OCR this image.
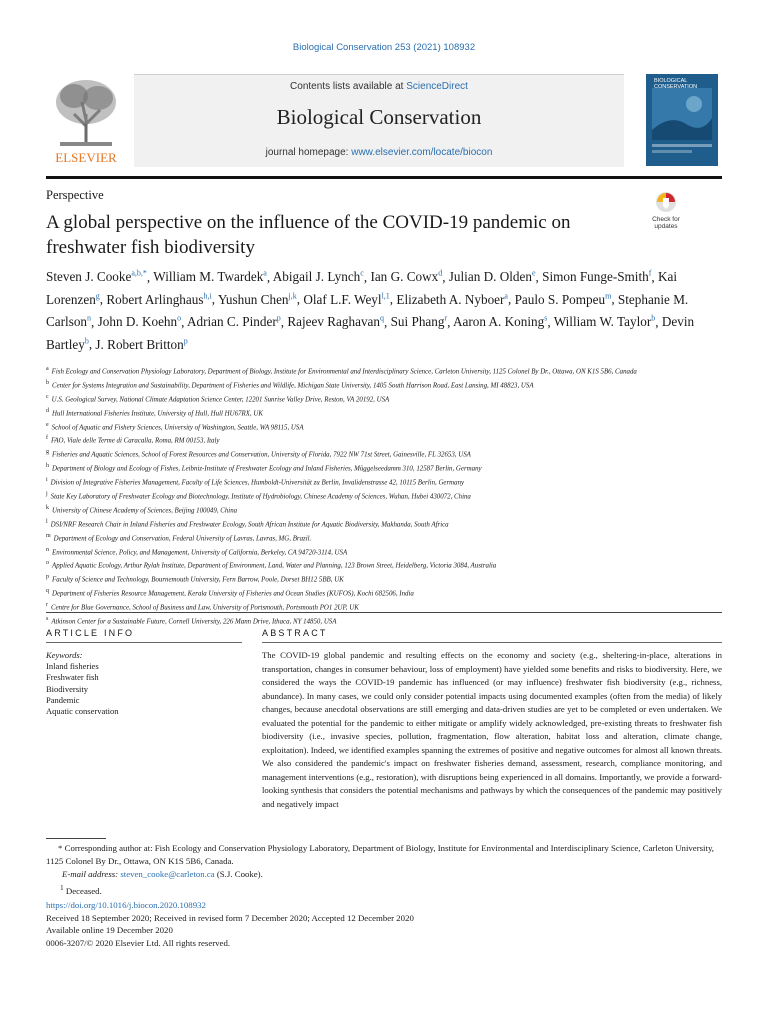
Biological Conservation 253 (2021) 108932
ELSEVIER
Contents lists available at ScienceDirect
Biological Conservation
journal homepage: www.elsevier.com/locate/biocon
BIOLOGICAL
CONSERVATION
Perspective
A global perspective on the influence of the COVID-19 pandemic on freshwater fish biodiversity
Check for
updates
Steven J. Cooke$^{a,b,*}$, William M. Twardek$^a$, Abigail J. Lynch$^c$, Ian G. Cowx$^d$, Julian D. Olden$^e$, Simon Funge-Smith$^f$, Kai Lorenzen$^g$, Robert Arlinghaus$^{h,i}$, Yushun Chen$^{j,k}$, Olaf L.F. Weyl$^{l,1}$, Elizabeth A. Nyboer$^a$, Paulo S. Pompeu$^m$, Stephanie M. Carlson$^n$, John D. Koehn$^o$, Adrian C. Pinder$^p$, Rajeev Raghavan$^q$, Sui Phang$^r$, Aaron A. Koning$^s$, William W. Taylor$^b$, Devin Bartley$^b$, J. Robert Britton$^p$
$^a$ Fish Ecology and Conservation Physiology Laboratory, Department of Biology, Institute for Environmental and Interdisciplinary Science, Carleton University, 1125 Colonel By Dr., Ottawa, ON K1S 5B6, Canada
$^b$ Center for Systems Integration and Sustainability, Department of Fisheries and Wildlife, Michigan State University, 1405 South Harrison Road, East Lansing, MI 48823, USA
$^c$ U.S. Geological Survey, National Climate Adaptation Science Center, 12201 Sunrise Valley Drive, Reston, VA 20192, USA
$^d$ Hull International Fisheries Institute, University of Hull, Hull HU67RX, UK
$^e$ School of Aquatic and Fishery Sciences, University of Washington, Seattle, WA 98115, USA
$^f$ FAO, Viale delle Terme di Caracalla, Roma, RM 00153, Italy
$^g$ Fisheries and Aquatic Sciences, School of Forest Resources and Conservation, University of Florida, 7922 NW 71st Street, Gainesville, FL 32653, USA
$^h$ Department of Biology and Ecology of Fishes, Leibniz-Institute of Freshwater Ecology and Inland Fisheries, Müggelseedamm 310, 12587 Berlin, Germany
$^i$ Division of Integrative Fisheries Management, Faculty of Life Sciences, Humboldt-Universität zu Berlin, Invalidenstrasse 42, 10115 Berlin, Germany
$^j$ State Key Laboratory of Freshwater Ecology and Biotechnology, Institute of Hydrobiology, Chinese Academy of Sciences, Wuhan, Hubei 430072, China
$^k$ University of Chinese Academy of Sciences, Beijing 100049, China
$^l$ DSI/NRF Research Chair in Inland Fisheries and Freshwater Ecology, South African Institute for Aquatic Biodiversity, Makhanda, South Africa
$^m$ Department of Ecology and Conservation, Federal University of Lavras, Lavras, MG, Brazil.
$^n$ Environmental Science, Policy, and Management, University of California, Berkeley, CA 94720-3114, USA
$^o$ Applied Aquatic Ecology, Arthur Rylah Institute, Department of Environment, Land, Water and Planning, 123 Brown Street, Heidelberg, Victoria 3084, Australia
$^p$ Faculty of Science and Technology, Bournemouth University, Fern Barrow, Poole, Dorset BH12 5BB, UK
$^q$ Department of Fisheries Resource Management, Kerala University of Fisheries and Ocean Studies (KUFOS), Kochi 682506, India
$^r$ Centre for Blue Governance, School of Business and Law, University of Portsmouth, Portsmouth PO1 2UP, UK
$^s$ Atkinson Center for a Sustainable Future, Cornell University, 226 Mann Drive, Ithaca, NY 14850, USA
ARTICLE INFO	ABSTRACT
Keywords:
Inland fisheries
Freshwater fish
Biodiversity
Pandemic
Aquatic conservation
The COVID-19 global pandemic and resulting effects on the economy and society (e.g., sheltering-in-place, alterations in transportation, changes in consumer behaviour, loss of employment) have yielded some benefits and risks to biodiversity. Here, we considered the ways the COVID-19 pandemic has influenced (or may influence) freshwater fish biodiversity (e.g., richness, abundance). In many cases, we could only consider potential impacts using documented examples (often from the media) of likely changes, because anecdotal observations are still emerging and data-driven studies are yet to be completed or even undertaken. We evaluated the potential for the pandemic to either mitigate or amplify widely acknowledged, pre-existing threats to freshwater fish biodiversity (i.e., invasive species, pollution, fragmentation, flow alteration, habitat loss and alteration, climate change, exploitation). Indeed, we identified examples spanning the extremes of positive and negative outcomes for almost all known threats. We also considered the pandemic's impact on freshwater fisheries demand, assessment, research, compliance monitoring, and management interventions (e.g., restoration), with disruptions being experienced in all domains. Importantly, we provide a forward-looking synthesis that considers the potential mechanisms and pathways by which the consequences of the pandemic may positively and negatively impact
* Corresponding author at: Fish Ecology and Conservation Physiology Laboratory, Department of Biology, Institute for Environmental and Interdisciplinary Science, Carleton University, 1125 Colonel By Dr., Ottawa, ON K1S 5B6, Canada.
E-mail address: steven_cooke@carleton.ca (S.J. Cooke).
$^1$ Deceased.
https://doi.org/10.1016/j.biocon.2020.108932
Received 18 September 2020; Received in revised form 7 December 2020; Accepted 12 December 2020
Available online 19 December 2020
0006-3207/© 2020 Elsevier Ltd. All rights reserved.
